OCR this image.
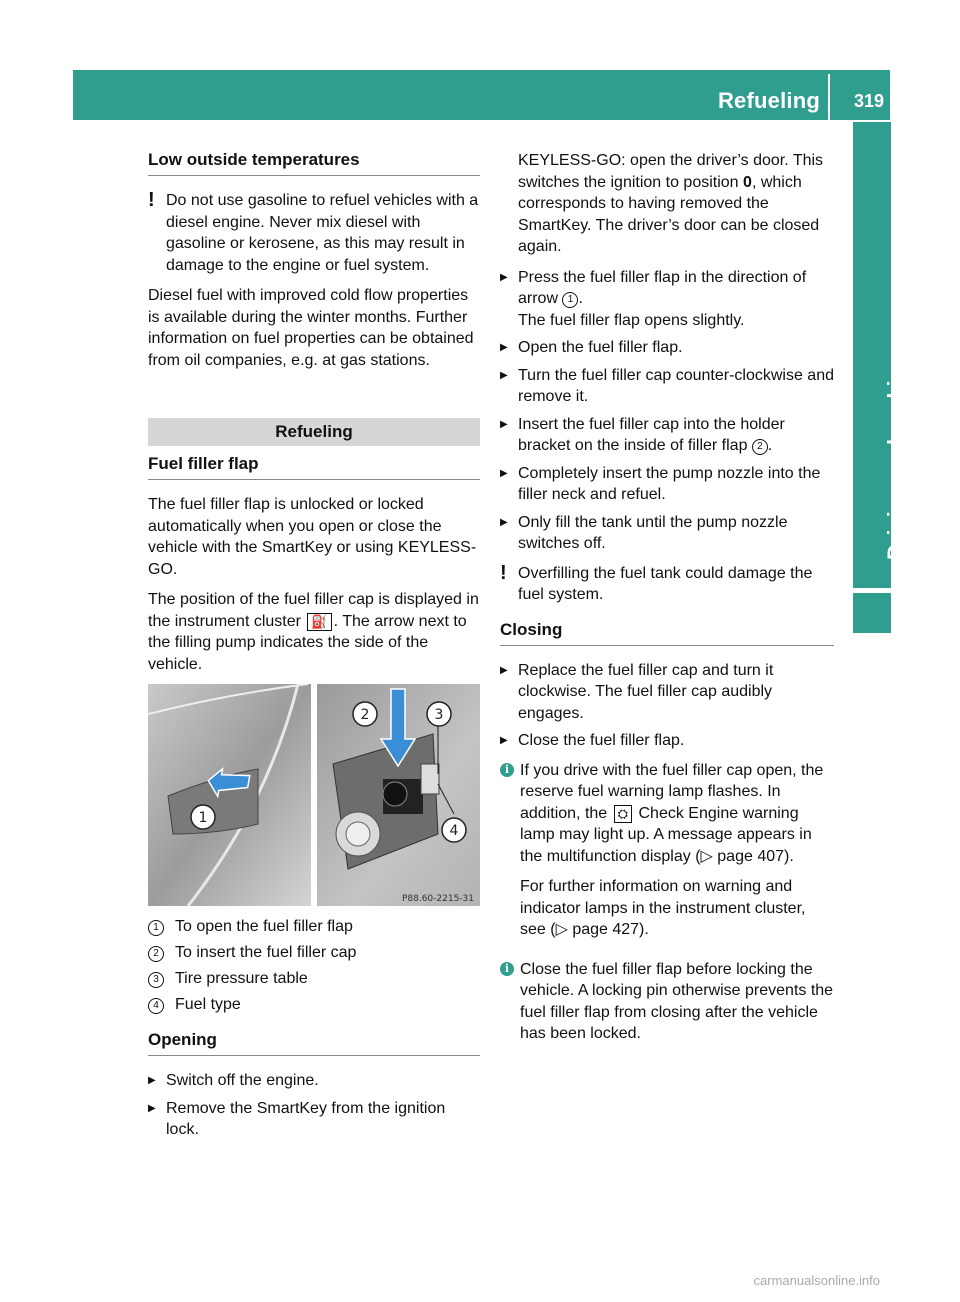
Refueling 319
Driving and parking
Low outside temperatures
! Do not use gasoline to refuel vehicles with a diesel engine. Never mix diesel with gasoline or kerosene, as this may result in damage to the engine or fuel system.

Diesel fuel with improved cold flow properties is available during the winter months. Further information on fuel properties can be obtained from oil companies, e.g. at gas stations.

Refueling
Fuel filler flap

The fuel filler flap is unlocked or locked automatically when you open or close the vehicle with the SmartKey or using KEYLESS-GO.

The position of the fuel filler cap is displayed in the instrument cluster ⛽ . The arrow next to the filling pump indicates the side of the vehicle.

1
2	3
4
P88.60-2215-31
1	To open the fuel filler flap
2	To insert the fuel filler cap
3	Tire pressure table
4	Fuel type
Opening
▶ Switch off the engine.
▶ Remove the SmartKey from the ignition lock.

KEYLESS-GO: open the driver’s door. This switches the ignition to position 0, which corresponds to having removed the SmartKey. The driver’s door can be closed again.

▶ Press the fuel filler flap in the direction of arrow 1 .
The fuel filler flap opens slightly.
▶ Open the fuel filler flap.
▶ Turn the fuel filler cap counter-clockwise and remove it.
▶ Insert the fuel filler cap into the holder bracket on the inside of filler flap 2 .
▶ Completely insert the pump nozzle into the filler neck and refuel.
▶ Only fill the tank until the pump nozzle switches off.
! Overfilling the fuel tank could damage the fuel system.
Closing
▶ Replace the fuel filler cap and turn it clockwise. The fuel filler cap audibly engages.
▶ Close the fuel filler flap.
i If you drive with the fuel filler cap open, the reserve fuel warning lamp flashes. In addition, the ⛭ Check Engine warning lamp may light up. A message appears in the multifunction display (▷ page 407).

For further information on warning and indicator lamps in the instrument cluster, see (▷ page 427).

i Close the fuel filler flap before locking the vehicle. A locking pin otherwise prevents the fuel filler flap from closing after the vehicle has been locked.

carmanualsonline.info
